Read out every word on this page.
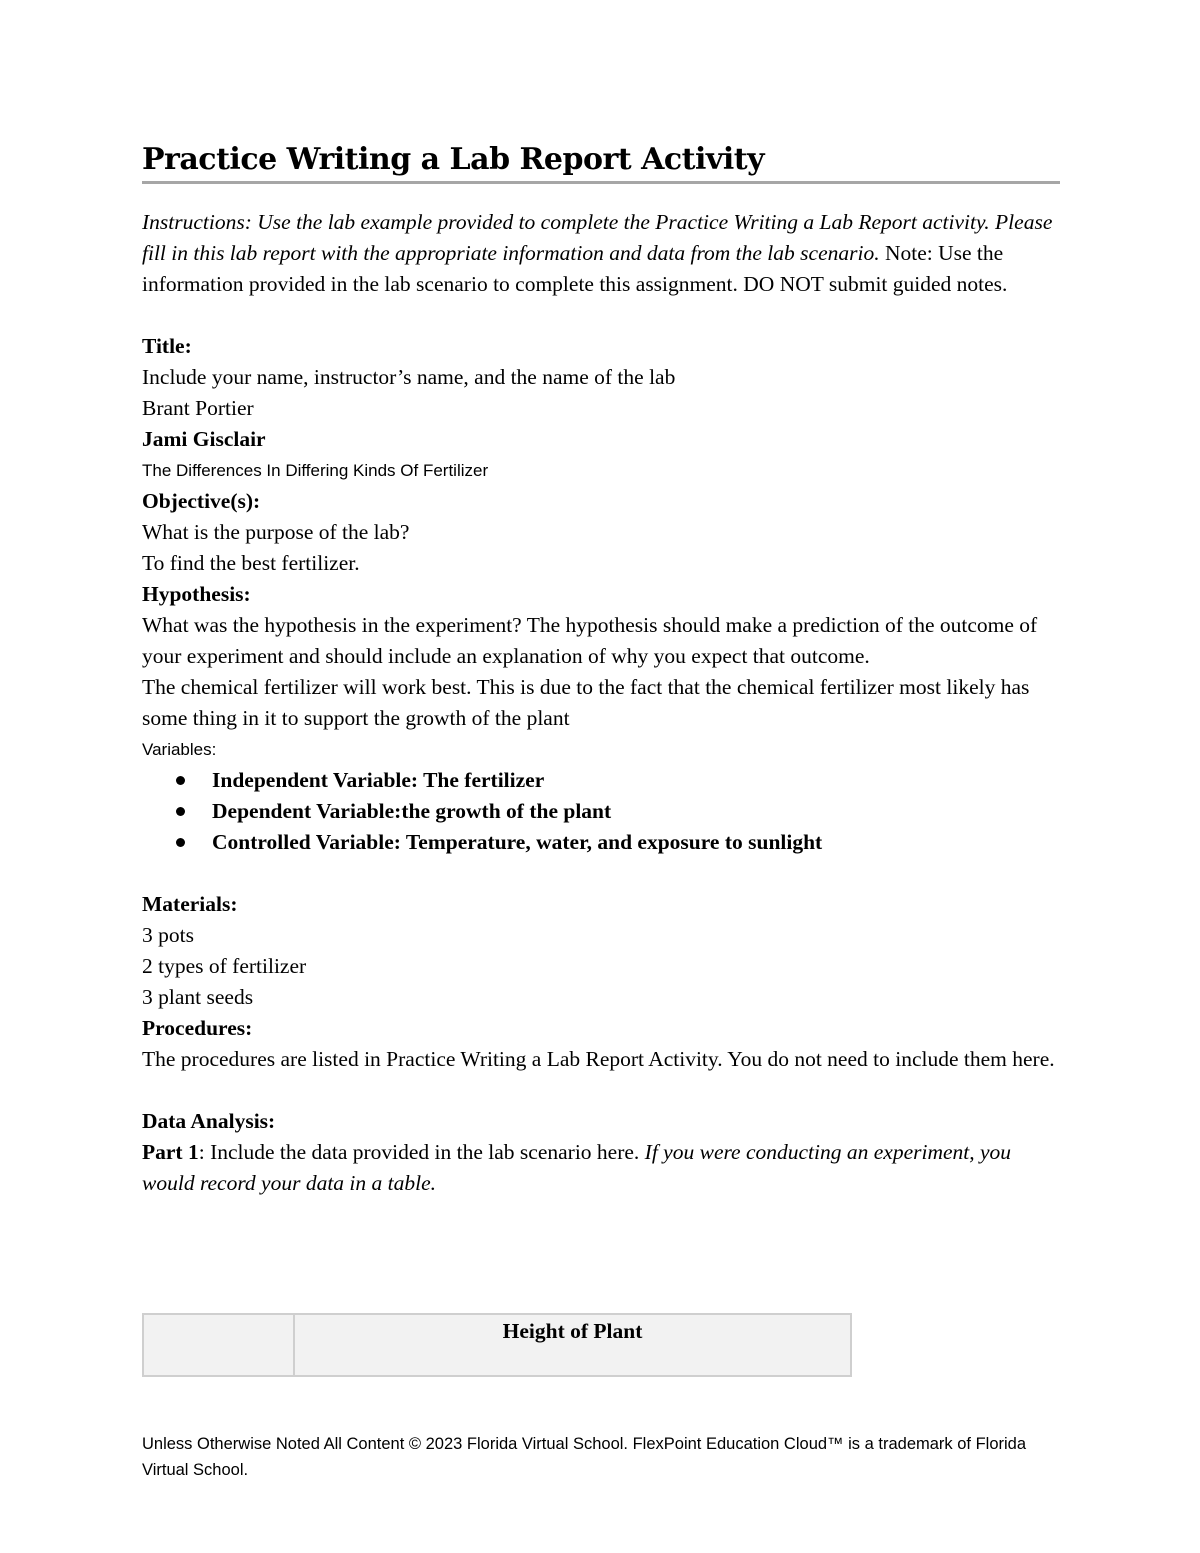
Practice Writing a Lab Report Activity

Instructions: Use the lab example provided to complete the Practice Writing a Lab Report activity. Please fill in this lab report with the appropriate information and data from the lab scenario. Note: Use the information provided in the lab scenario to complete this assignment. DO NOT submit guided notes.

Title:

Include your name, instructor’s name, and the name of the lab

Brant Portier

Jami Gisclair

The Differences In Differing Kinds Of Fertilizer

Objective(s):

What is the purpose of the lab?

To find the best fertilizer.

Hypothesis:

What was the hypothesis in the experiment? The hypothesis should make a prediction of the outcome of your experiment and should include an explanation of why you expect that outcome.

The chemical fertilizer will work best. This is due to the fact that the chemical fertilizer most likely has some thing in it to support the growth of the plant

Variables:

Independent Variable: The fertilizer
Dependent Variable:the growth of the plant
Controlled Variable: Temperature, water, and exposure to sunlight

Materials:

3 pots

2 types of fertilizer

3 plant seeds

Procedures:

The procedures are listed in Practice Writing a Lab Report Activity. You do not need to include them here.

Data Analysis:

Part 1: Include the data provided in the lab scenario here. If you were conducting an experiment, you would record your data in a table.

	Height of Plant
Unless Otherwise Noted All Content © 2023 Florida Virtual School. FlexPoint Education Cloud™ is a trademark of Florida Virtual School.
